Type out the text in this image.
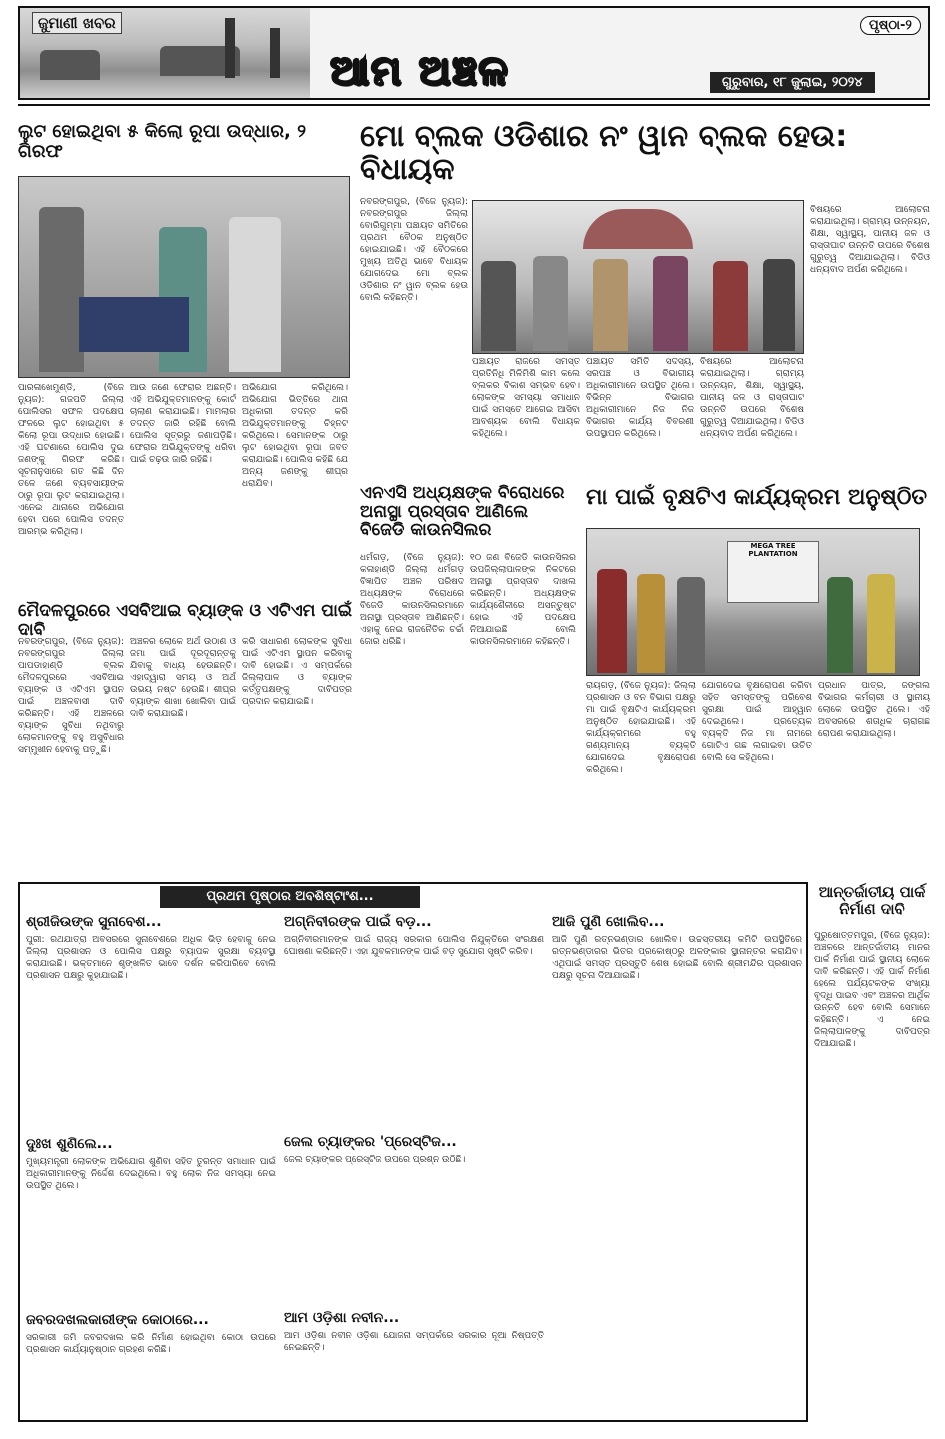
ଜୁମାଣୀ ଖବର
ଆମ ଅଞ୍ଚଳ
ପୃଷ୍ଠା-୨
ଗୁରୁବାର, ୧୮ ଜୁଲାଇ, ୨୦୨୪
ଲୁଟ ହୋଇଥିବା ୫ କିଲୋ ରୂପା ଉଦ୍ଧାର, ୨ ଗିରଫ
ପାରଳାଖେମୁଣ୍ଡି, (ବିଜେ ନ୍ୟୁଜ): ଗଜପତି ଜିଲ୍ଲା ପୋଲିସର ସଫଳ ପଦକ୍ଷେପ ଫଳରେ ଲୁଟ ହୋଇଥିବା ୫ କିଲୋ ରୂପା ଉଦ୍ଧାର ହୋଇଛି। ଏହି ଘଟଣାରେ ପୋଲିସ ଦୁଇ ଜଣଙ୍କୁ ଗିରଫ କରିଛି। ସୂଚନାନୁସାରେ ଗତ କିଛି ଦିନ ତଳେ ଜଣେ ବ୍ୟବସାୟୀଙ୍କ ଠାରୁ ରୂପା ଲୁଟ କରାଯାଇଥିଲା। ଏନେଇ ଥାନାରେ ଅଭିଯୋଗ ହେବା ପରେ ପୋଲିସ ତଦନ୍ତ ଆରମ୍ଭ କରିଥିଲା।
ଆଉ ଜଣେ ଫେରାର ଅଛନ୍ତି। ଏହି ଅଭିଯୁକ୍ତମାନଙ୍କୁ କୋର୍ଟ ଚାଲାଣ କରାଯାଇଛି। ମାମଲାର ତଦନ୍ତ ଜାରି ରହିଛି ବୋଲି ପୋଲିସ ସୂତ୍ରରୁ ଜଣାପଡ଼ିଛି। ଫେରାର ଅଭିଯୁକ୍ତଙ୍କୁ ଧରିବା ପାଇଁ ଚଢ଼ଉ ଜାରି ରହିଛି।
ଅଭିଯୋଗ କରିଥିଲେ। ଅଭିଯୋଗ ଭିତ୍ତିରେ ଥାନା ଅଧିକାରୀ ତଦନ୍ତ କରି ଅଭିଯୁକ୍ତମାନଙ୍କୁ ଚିହ୍ନଟ କରିଥିଲେ। ସେମାନଙ୍କ ଠାରୁ ଲୁଟ ହୋଇଥିବା ରୂପା ଜବତ କରାଯାଇଛି। ପୋଲିସ କହିଛି ଯେ ଅନ୍ୟ ଜଣଙ୍କୁ ଶୀଘ୍ର ଧରାଯିବ।
ମୋ ବ୍ଲକ ଓଡିଶାର ନଂ ୱାନ ବ୍ଲକ ହେଉ: ବିଧାୟକ
ନବରଙ୍ଗପୁର, (ବିଜେ ନ୍ୟୁଜ): ନବରଙ୍ଗପୁର ଜିଲ୍ଲା ବୋରିଗୁମ୍ମା ପଞ୍ଚାୟତ ସମିତିରେ ପ୍ରଥମ ବୈଠକ ଅନୁଷ୍ଠିତ ହୋଇଯାଇଛି। ଏହି ବୈଠକରେ ମୁଖ୍ୟ ଅତିଥି ଭାବେ ବିଧାୟକ ଯୋଗଦେଇ ମୋ ବ୍ଲକ ଓଡିଶାର ନଂ ୱାନ ବ୍ଲକ ହେଉ ବୋଲି କହିଛନ୍ତି।
ବିଷୟରେ ଆଲୋଚନା କରାଯାଇଥିଲା। ଗ୍ରାମ୍ୟ ଉନ୍ନୟନ, ଶିକ୍ଷା, ସ୍ୱାସ୍ଥ୍ୟ, ପାନୀୟ ଜଳ ଓ ରାସ୍ତାଘାଟ ଉନ୍ନତି ଉପରେ ବିଶେଷ ଗୁରୁତ୍ୱ ଦିଆଯାଇଥିଲା। ବିଡିଓ ଧନ୍ୟବାଦ ଅର୍ପଣ କରିଥିଲେ।
ପଞ୍ଚାୟତ ରାଜରେ ସମସ୍ତ ପ୍ରତିନିଧି ମିଳିମିଶି କାମ କଲେ ବ୍ଲକର ବିକାଶ ସମ୍ଭବ ହେବ। ଲୋକଙ୍କ ସମସ୍ୟା ସମାଧାନ ପାଇଁ ସମସ୍ତେ ଆଗେଇ ଆସିବା ଆବଶ୍ୟକ ବୋଲି ବିଧାୟକ କହିଥିଲେ।
ପଞ୍ଚାୟତ ସମିତି ସଦସ୍ୟ, ସରପଞ୍ଚ ଓ ବିଭାଗୀୟ ଅଧିକାରୀମାନେ ଉପସ୍ଥିତ ଥିଲେ। ବିଭିନ୍ନ ବିଭାଗର ଅଧିକାରୀମାନେ ନିଜ ନିଜ ବିଭାଗର କାର୍ଯ୍ୟ ବିବରଣୀ ଉପସ୍ଥାପନ କରିଥିଲେ।
ବିଷୟରେ ଆଲୋଚନା କରାଯାଇଥିଲା। ଗ୍ରାମ୍ୟ ଉନ୍ନୟନ, ଶିକ୍ଷା, ସ୍ୱାସ୍ଥ୍ୟ, ପାନୀୟ ଜଳ ଓ ରାସ୍ତାଘାଟ ଉନ୍ନତି ଉପରେ ବିଶେଷ ଗୁରୁତ୍ୱ ଦିଆଯାଇଥିଲା। ବିଡିଓ ଧନ୍ୟବାଦ ଅର୍ପଣ କରିଥିଲେ।
ଏନଏସି ଅଧ୍ୟକ୍ଷଙ୍କ ବିରୋଧରେ ଅନାସ୍ଥା ପ୍ରସ୍ତାବ ଆଣିଲେ ବିଜେଡି କାଉନସିଲର
ଧର୍ମଗଡ଼, (ବିଜେ ନ୍ୟୁଜ): କଳାହାଣ୍ଡି ଜିଲ୍ଲା ଧର୍ମଗଡ଼ ବିଜ୍ଞାପିତ ଅଞ୍ଚଳ ପରିଷଦ ଅଧ୍ୟକ୍ଷଙ୍କ ବିରୋଧରେ ବିଜେଡି କାଉନସିଲରମାନେ ଅନାସ୍ଥା ପ୍ରସ୍ତାବ ଆଣିଛନ୍ତି। ଏହାକୁ ନେଇ ରାଜନୈତିକ ଚର୍ଚ୍ଚା ଜୋର ଧରିଛି।
୧୦ ଜଣ ବିଜେଡି କାଉନସିଲର ଉପଜିଲ୍ଲାପାଳଙ୍କ ନିକଟରେ ଅନାସ୍ଥା ପ୍ରସ୍ତାବ ଦାଖଲ କରିଛନ୍ତି। ଅଧ୍ୟକ୍ଷଙ୍କ କାର୍ଯ୍ୟଶୈଳୀରେ ଅସନ୍ତୁଷ୍ଟ ହୋଇ ଏହି ପଦକ୍ଷେପ ନିଆଯାଇଛି ବୋଲି କାଉନସିଲରମାନେ କହିଛନ୍ତି।
ମୈଦଳପୁରରେ ଏସବିଆଇ ବ୍ୟାଙ୍କ ଓ ଏଟିଏମ ପାଇଁ ଦାବି
ନବରଙ୍ଗପୁର, (ବିଜେ ନ୍ୟୁଜ): ନବରଙ୍ଗପୁର ଜିଲ୍ଲା ପାପଡାହାଣ୍ଡି ବ୍ଲକ ମୈଦଳପୁରରେ ଏସବିଆଇ ବ୍ୟାଙ୍କ ଓ ଏଟିଏମ ସ୍ଥାପନ ପାଇଁ ଅଞ୍ଚଳବାସୀ ଦାବି କରିଛନ୍ତି। ଏହି ଅଞ୍ଚଳରେ ବ୍ୟାଙ୍କ ସୁବିଧା ନଥିବାରୁ ଲୋକମାନଙ୍କୁ ବହୁ ଅସୁବିଧାର ସମ୍ମୁଖୀନ ହେବାକୁ ପଡ଼ୁଛି।
ଅଞ୍ଚଳର ଲୋକେ ଅର୍ଥ ଉଠାଣ ଓ ଜମା ପାଇଁ ଦୂରଦୂରାନ୍ତକୁ ଯିବାକୁ ବାଧ୍ୟ ହେଉଛନ୍ତି। ଏହାଦ୍ୱାରା ସମୟ ଓ ଅର୍ଥ ଉଭୟ ନଷ୍ଟ ହେଉଛି। ଶୀଘ୍ର ବ୍ୟାଙ୍କ ଶାଖା ଖୋଲିବା ପାଇଁ ଦାବି କରାଯାଇଛି।
କରି ସାଧାରଣ ଲୋକଙ୍କ ସୁବିଧା ପାଇଁ ଏଟିଏମ ସ୍ଥାପନ କରିବାକୁ ଦାବି ହୋଇଛି। ଏ ସମ୍ପର୍କରେ ଜିଲ୍ଲାପାଳ ଓ ବ୍ୟାଙ୍କ କର୍ତ୍ତୃପକ୍ଷଙ୍କୁ ଦାବିପତ୍ର ପ୍ରଦାନ କରାଯାଇଛି।
ମା ପାଇଁ ବୃକ୍ଷଟିଏ କାର୍ଯ୍ୟକ୍ରମ ଅନୁଷ୍ଠିତ
MEGA TREE PLANTATION
ରାୟଗଡ଼, (ବିଜେ ନ୍ୟୁଜ): ଜିଲ୍ଲା ପ୍ରଶାସନ ଓ ବନ ବିଭାଗ ପକ୍ଷରୁ ମା ପାଇଁ ବୃକ୍ଷଟିଏ କାର୍ଯ୍ୟକ୍ରମ ଅନୁଷ୍ଠିତ ହୋଇଯାଇଛି। ଏହି କାର୍ଯ୍ୟକ୍ରମରେ ବହୁ ଗଣ୍ୟମାନ୍ୟ ବ୍ୟକ୍ତି ଯୋଗଦେଇ ବୃକ୍ଷରୋପଣ କରିଥିଲେ।
ଯୋଗଦେଇ ବୃକ୍ଷରୋପଣ କରିବା ସହିତ ସମସ୍ତଙ୍କୁ ପରିବେଶ ସୁରକ୍ଷା ପାଇଁ ଆହ୍ୱାନ ଦେଇଥିଲେ। ପ୍ରତ୍ୟେକ ବ୍ୟକ୍ତି ନିଜ ମା ନାମରେ ଗୋଟିଏ ଗଛ ଲଗାଇବା ଉଚିତ ବୋଲି ସେ କହିଥିଲେ।
ପ୍ରଧାନ ପାତ୍ର, ଜଙ୍ଗଲ ବିଭାଗର କର୍ମଚାରୀ ଓ ସ୍ଥାନୀୟ ଲୋକେ ଉପସ୍ଥିତ ଥିଲେ। ଏହି ଅବସରରେ ଶତାଧିକ ଚାରାଗଛ ରୋପଣ କରାଯାଇଥିଲା।
ପ୍ରଥମ ପୃଷ୍ଠାର ଅବଶିଷ୍ଟାଂଶ...
ଶ୍ରୀଜିଉଙ୍କ ସୁନାବେଶ...
ପୁରୀ: ରଥଯାତ୍ରା ଅବସରରେ ସୁନାବେଶରେ ଅଧିକ ଭିଡ଼ ହେବାକୁ ନେଇ ଜିଲ୍ଲା ପ୍ରଶାସନ ଓ ପୋଲିସ ପକ୍ଷରୁ ବ୍ୟାପକ ସୁରକ୍ଷା ବ୍ୟବସ୍ଥା କରାଯାଇଛି। ଭକ୍ତମାନେ ଶୃଙ୍ଖଳିତ ଭାବେ ଦର୍ଶନ କରିପାରିବେ ବୋଲି ପ୍ରଶାସନ ପକ୍ଷରୁ କୁହାଯାଇଛି।
ଦୁଃଖ ଶୁଣିଲେ...
ମୁଖ୍ୟମନ୍ତ୍ରୀ ଲୋକଙ୍କ ଅଭିଯୋଗ ଶୁଣିବା ସହିତ ତୁରନ୍ତ ସମାଧାନ ପାଇଁ ଅଧିକାରୀମାନଙ୍କୁ ନିର୍ଦ୍ଦେଶ ଦେଇଥିଲେ। ବହୁ ଲୋକ ନିଜ ସମସ୍ୟା ନେଇ ଉପସ୍ଥିତ ଥିଲେ।
ଜବରଦଖଲକାରୀଙ୍କ କୋଠାରେ...
ସରକାରୀ ଜମି ଜବରଦଖଲ କରି ନିର୍ମାଣ ହୋଇଥିବା କୋଠା ଉପରେ ପ୍ରଶାସନ କାର୍ଯ୍ୟାନୁଷ୍ଠାନ ଗ୍ରହଣ କରିଛି।
ଅଗ୍ନିବୀରଙ୍କ ପାଇଁ ବଡ଼...
ଅଗ୍ନିବୀରମାନଙ୍କ ପାଇଁ ରାଜ୍ୟ ସରକାର ପୋଲିସ ନିଯୁକ୍ତିରେ ସଂରକ୍ଷଣ ଘୋଷଣା କରିଛନ୍ତି। ଏହା ଯୁବକମାନଙ୍କ ପାଇଁ ବଡ଼ ସୁଯୋଗ ସୃଷ୍ଟି କରିବ।
ଜେଲ ଚ୍ୟାଙ୍କର 'ପ୍ରେସ୍ଟିଜ...
ଜେଲ ଚ୍ୟାଙ୍କର ପ୍ରେସ୍ଟିଜ ଉପରେ ପ୍ରଶ୍ନ ଉଠିଛି।
ଆମ ଓଡ଼ିଶା ନବୀନ...
ଆମ ଓଡ଼ିଶା ନବୀନ ଓଡ଼ିଶା ଯୋଜନା ସମ୍ପର୍କରେ ସରକାର ନୂଆ ନିଷ୍ପତ୍ତି ନେଇଛନ୍ତି।
ଆଜି ପୁଣି ଖୋଲିବ...
ଆଜି ପୁଣି ରତ୍ନଭଣ୍ଡାର ଖୋଲିବ। ଉଚ୍ଚସ୍ତରୀୟ କମିଟି ଉପସ୍ଥିତିରେ ରତ୍ନଭଣ୍ଡାରର ଭିତର ପ୍ରକୋଷ୍ଠରୁ ଅଳଙ୍କାର ସ୍ଥାନାନ୍ତର କରାଯିବ। ଏଥିପାଇଁ ସମସ୍ତ ପ୍ରସ୍ତୁତି ଶେଷ ହୋଇଛି ବୋଲି ଶ୍ରୀମନ୍ଦିର ପ୍ରଶାସନ ପକ୍ଷରୁ ସୂଚନା ଦିଆଯାଇଛି।
ଆନ୍ତର୍ଜାତୀୟ ପାର୍କ ନିର୍ମାଣ ଦାବି
ପୁରୁଷୋତ୍ତମପୁର, (ବିଜେ ନ୍ୟୁଜ): ଅଞ୍ଚଳରେ ଆନ୍ତର୍ଜାତୀୟ ମାନର ପାର୍କ ନିର୍ମାଣ ପାଇଁ ସ୍ଥାନୀୟ ଲୋକେ ଦାବି କରିଛନ୍ତି। ଏହି ପାର୍କ ନିର୍ମାଣ ହେଲେ ପର୍ଯ୍ୟଟକଙ୍କ ସଂଖ୍ୟା ବୃଦ୍ଧି ପାଇବ ଏବଂ ଅଞ୍ଚଳର ଆର୍ଥିକ ଉନ୍ନତି ହେବ ବୋଲି ସେମାନେ କହିଛନ୍ତି। ଏ ନେଇ ଜିଲ୍ଲାପାଳଙ୍କୁ ଦାବିପତ୍ର ଦିଆଯାଇଛି।
